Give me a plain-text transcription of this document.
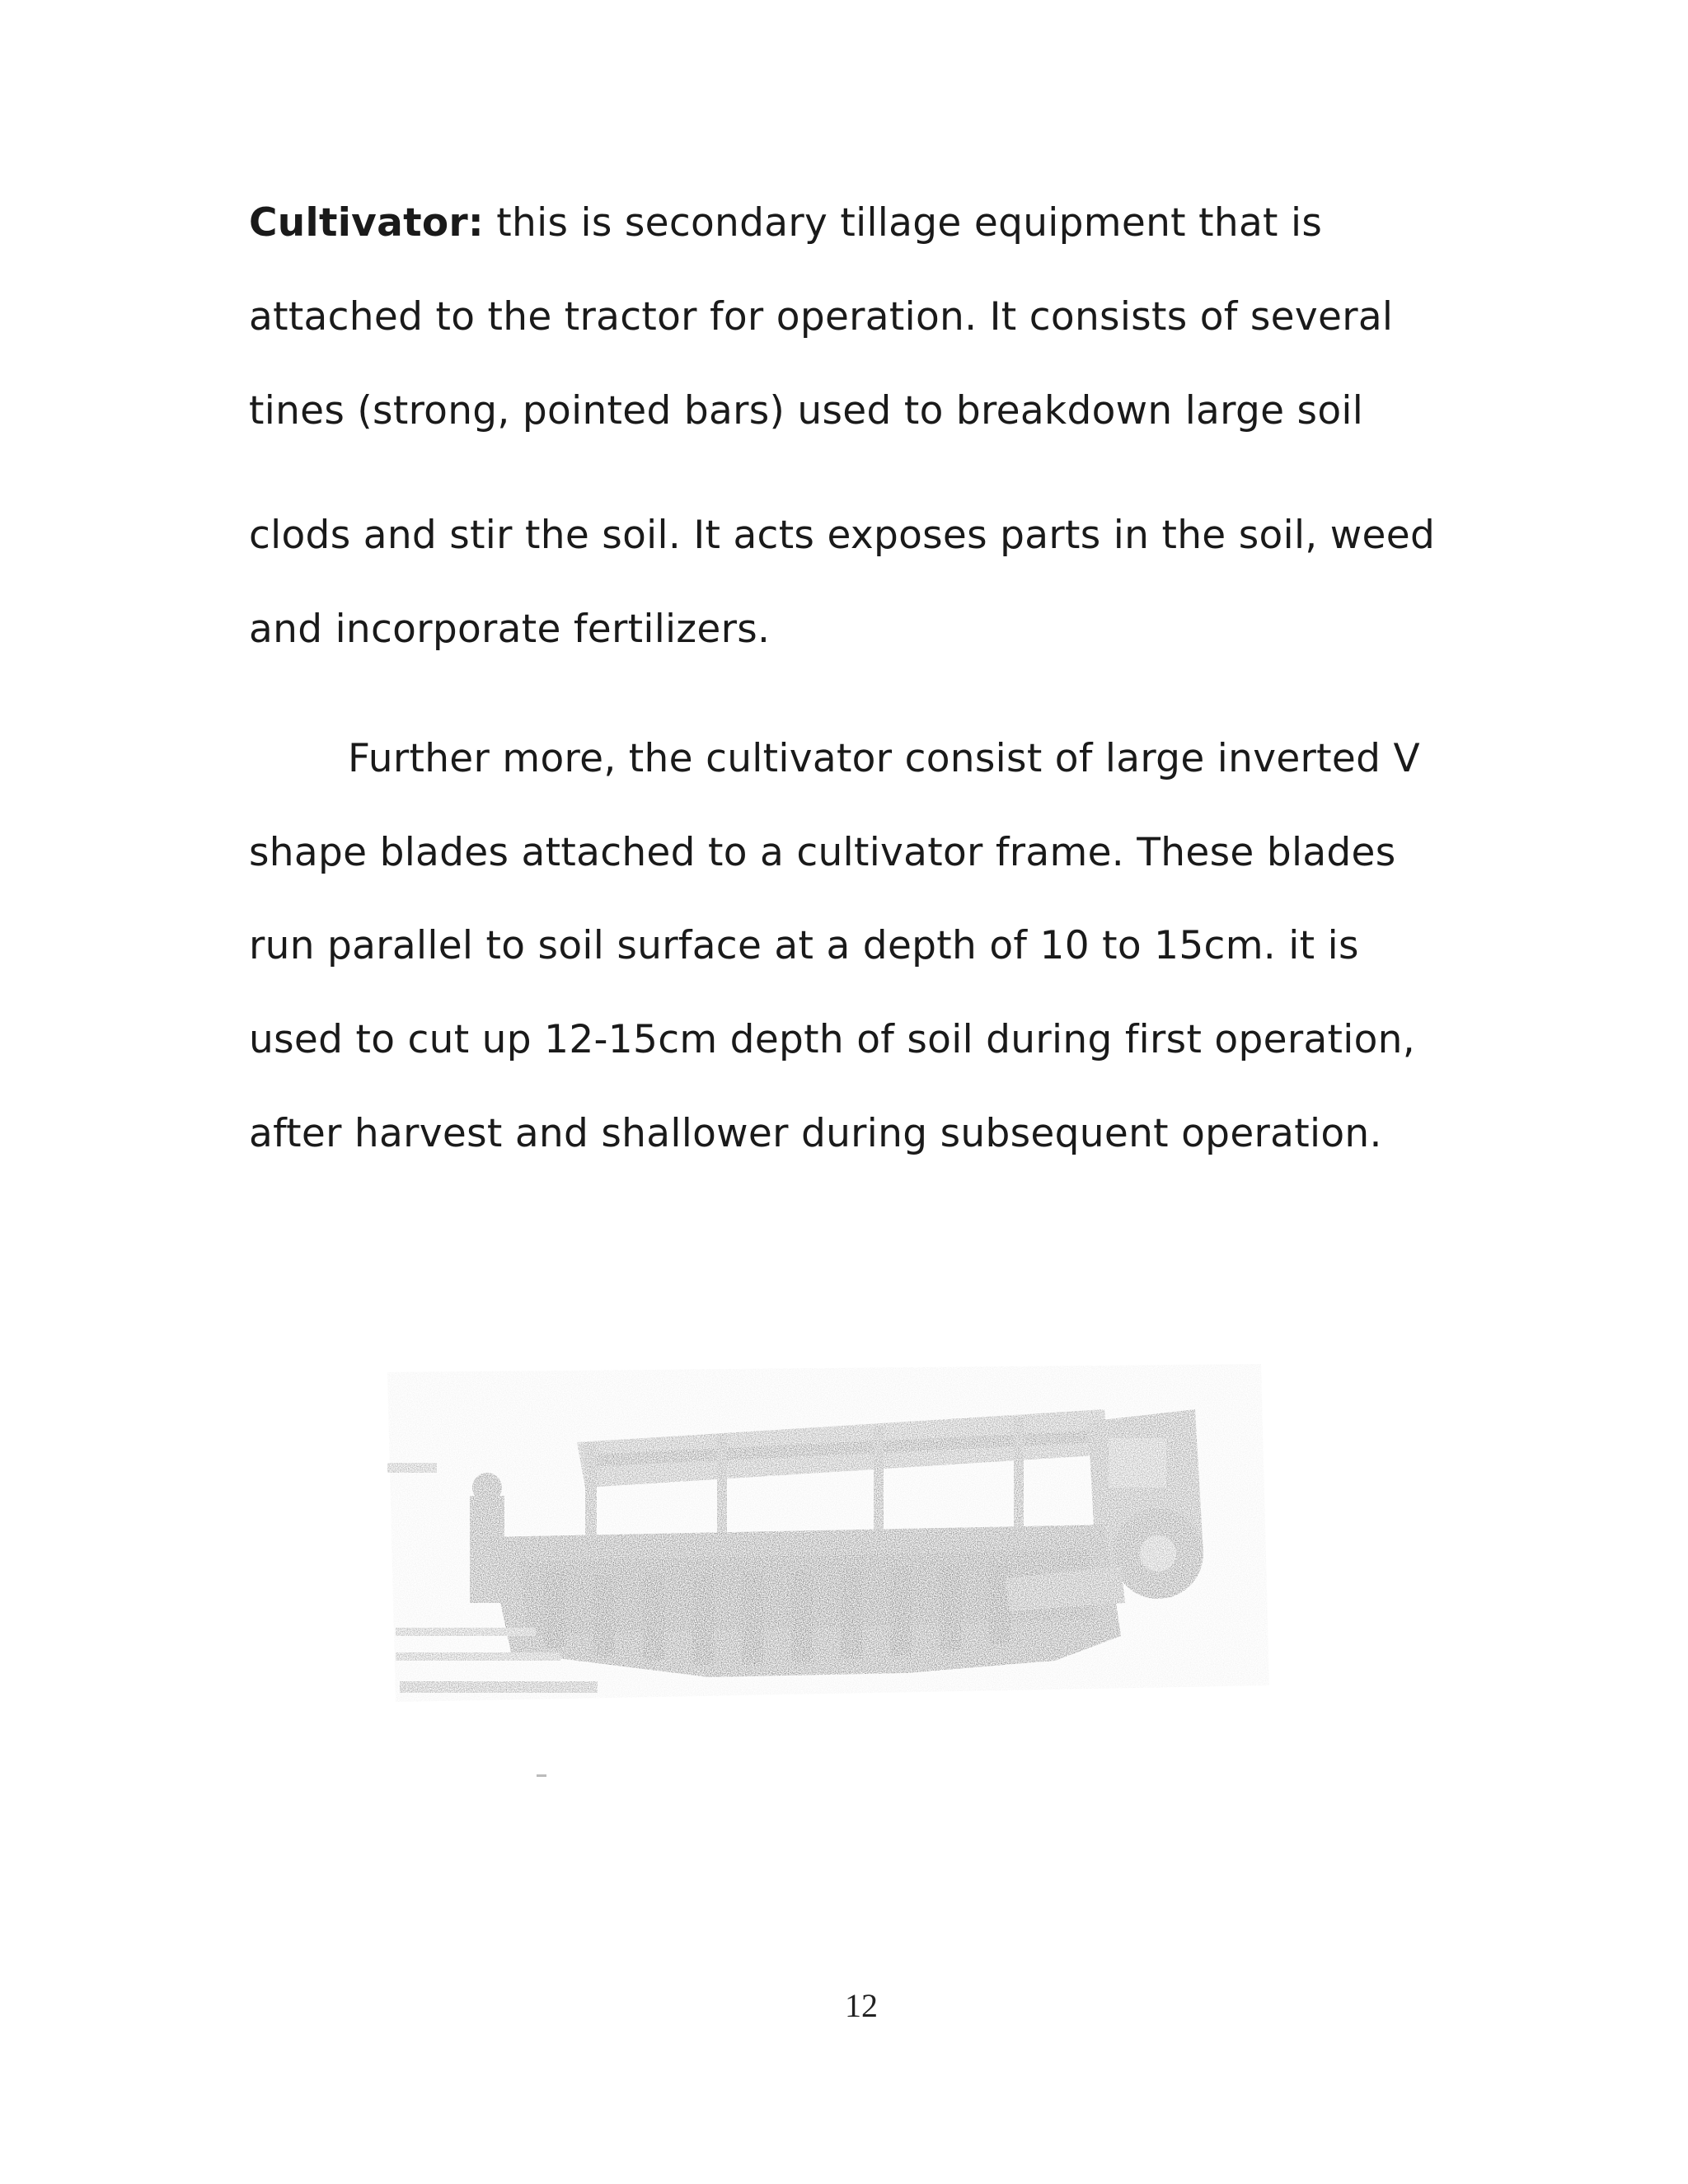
Cultivator: this is secondary tillage equipment that is
attached to the tractor for operation. It consists of several
tines (strong, pointed bars) used to breakdown large soil
clods and stir the soil. It acts exposes parts in the soil, weed
and incorporate fertilizers.
Further more, the cultivator consist of large inverted V
shape blades attached to a cultivator frame. These blades
run parallel to soil surface at a depth of 10 to 15cm. it is
used to cut up 12-15cm depth of soil during first operation,
after harvest and shallower during subsequent operation.
12
